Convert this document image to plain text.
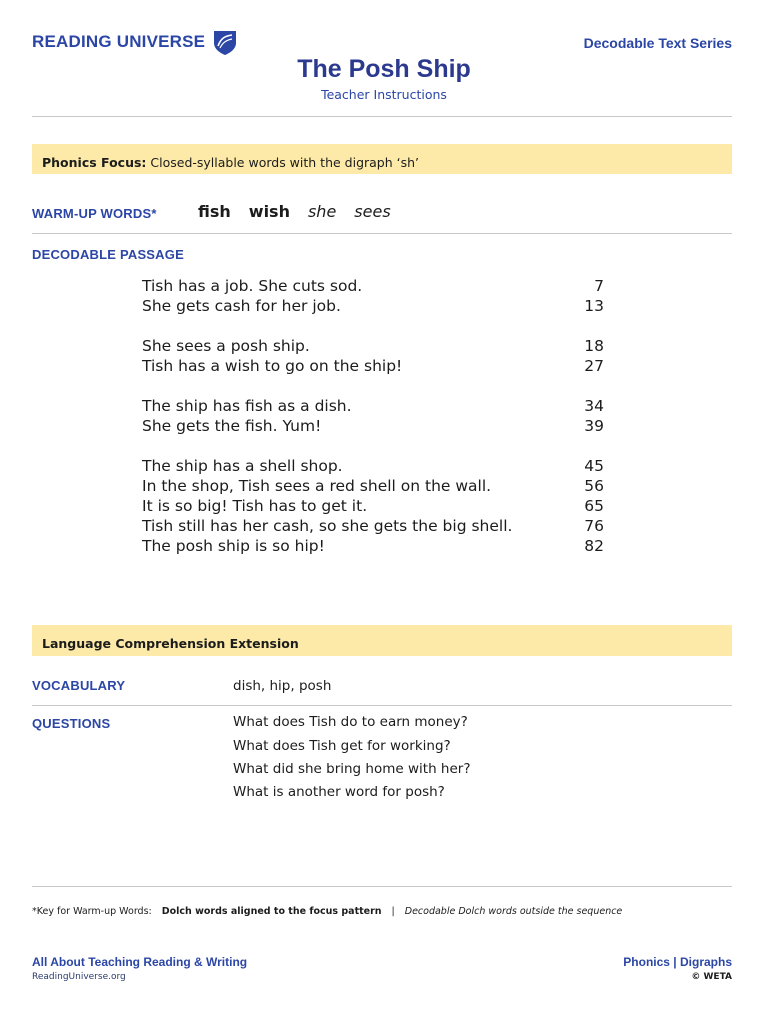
READING UNIVERSE	Decodable Text Series
The Posh Ship
Teacher Instructions
Phonics Focus: Closed-syllable words with the digraph ‘sh’
WARM-UP WORDS*	fish wish she sees
DECODABLE PASSAGE
Tish has a job. She cuts sod.	7
She gets cash for her job.	13
She sees a posh ship.	18
Tish has a wish to go on the ship!	27
The ship has fish as a dish.	34
She gets the fish. Yum!	39
The ship has a shell shop.	45
In the shop, Tish sees a red shell on the wall.	56
It is so big! Tish has to get it.	65
Tish still has her cash, so she gets the big shell.	76
The posh ship is so hip!	82
Language Comprehension Extension
VOCABULARY	dish, hip, posh
QUESTIONS	What does Tish do to earn money?
What does Tish get for working?
What did she bring home with her?
What is another word for posh?
*Key for Warm-up Words: Dolch words aligned to the focus pattern | Decodable Dolch words outside the sequence
All About Teaching Reading & Writing
ReadingUniverse.org
Phonics | Digraphs
© WETA
